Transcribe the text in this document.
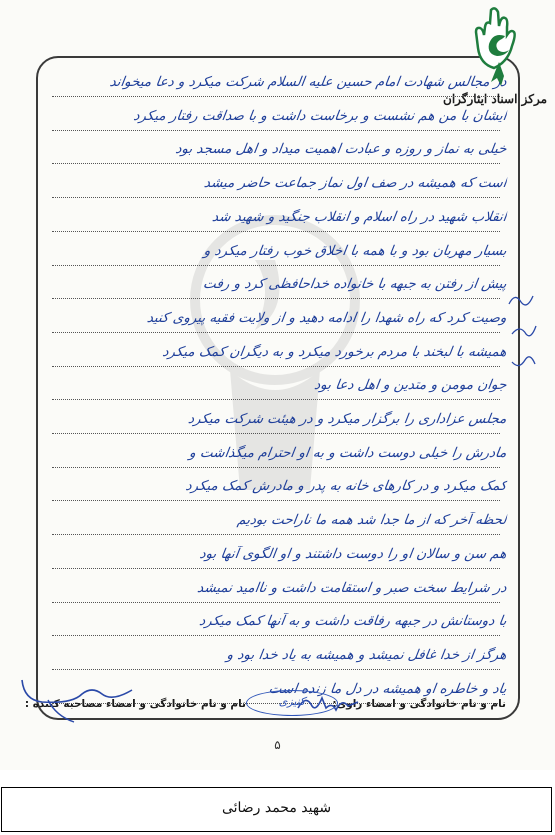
مرکز اسناد ایثارگران
در مجالس شهادت امام حسین علیه السلام شرکت میکرد و دعا میخواند
ایشان با من هم نشست و برخاست داشت و با صداقت رفتار میکرد
خیلی به نماز و روزه و عبادت اهمیت میداد و اهل مسجد بود
است که همیشه در صف اول نماز جماعت حاضر میشد
انقلاب شهید در راه اسلام و انقلاب جنگید و شهید شد
بسیار مهربان بود و با همه با اخلاق خوب رفتار میکرد و
پیش از رفتن به جبهه با خانواده خداحافظی کرد و رفت
وصیت کرد که راه شهدا را ادامه دهید و از ولایت فقیه پیروی کنید
همیشه با لبخند با مردم برخورد میکرد و به دیگران کمک میکرد
جوان مومن و متدین و اهل دعا بود
مجلس عزاداری را برگزار میکرد و در هیئت شرکت میکرد
مادرش را خیلی دوست داشت و به او احترام میگذاشت و
کمک میکرد و در کارهای خانه به پدر و مادرش کمک میکرد
لحظه آخر که از ما جدا شد همه ما ناراحت بودیم
هم سن و سالان او را دوست داشتند و او الگوی آنها بود
در شرایط سخت صبر و استقامت داشت و ناامید نمیشد
با دوستانش در جبهه رفاقت داشت و به آنها کمک میکرد
هرگز از خدا غافل نمیشد و همیشه به یاد خدا بود و
یاد و خاطره او همیشه در دل ما زنده است
نام و نام خانوادگی و امضاء راوی:
کنیزی
نام و نام خانوادگی و امضاء مصاحبه کننده :
۵
شهید محمد رضائی
